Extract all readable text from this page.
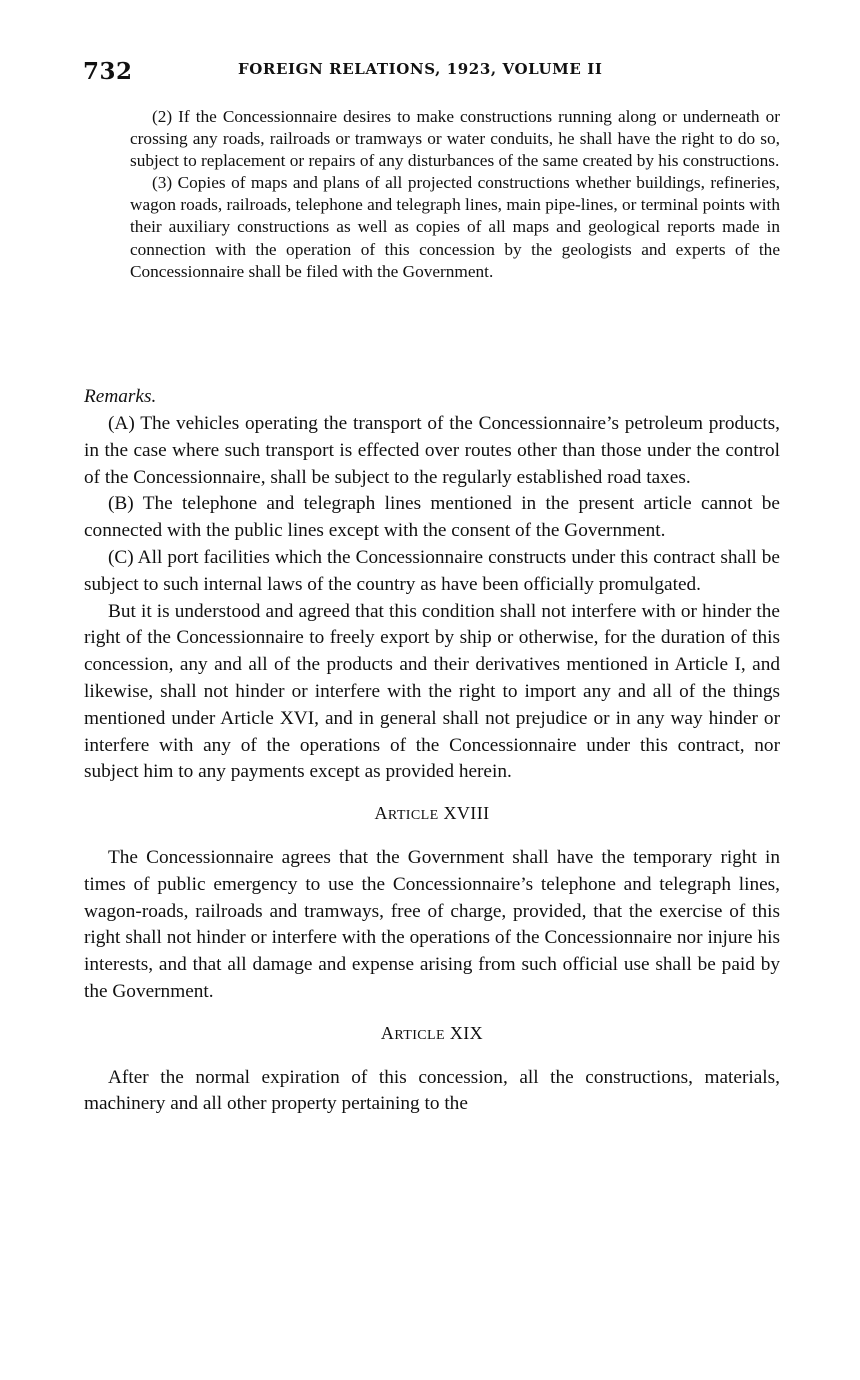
732	FOREIGN RELATIONS, 1923, VOLUME II

(2) If the Concessionnaire desires to make constructions running along or underneath or crossing any roads, railroads or tramways or water conduits, he shall have the right to do so, subject to replacement or repairs of any disturbances of the same created by his constructions.

(3) Copies of maps and plans of all projected constructions whether buildings, refineries, wagon roads, railroads, telephone and telegraph lines, main pipe-lines, or terminal points with their auxiliary constructions as well as copies of all maps and geological reports made in connection with the operation of this concession by the geologists and experts of the Concessionnaire shall be filed with the Government.

Remarks.

(A) The vehicles operating the transport of the Concessionnaire’s petroleum products, in the case where such transport is effected over routes other than those under the control of the Concessionnaire, shall be subject to the regularly established road taxes.

(B) The telephone and telegraph lines mentioned in the present article cannot be connected with the public lines except with the consent of the Government.

(C) All port facilities which the Concessionnaire constructs under this contract shall be subject to such internal laws of the country as have been officially promulgated.

But it is understood and agreed that this condition shall not interfere with or hinder the right of the Concessionnaire to freely export by ship or otherwise, for the duration of this concession, any and all of the products and their derivatives mentioned in Article I, and likewise, shall not hinder or interfere with the right to import any and all of the things mentioned under Article XVI, and in general shall not prejudice or in any way hinder or interfere with any of the operations of the Concessionnaire under this contract, nor subject him to any payments except as provided herein.

ARTICLE XVIII

The Concessionnaire agrees that the Government shall have the temporary right in times of public emergency to use the Concessionnaire’s telephone and telegraph lines, wagon-roads, railroads and tramways, free of charge, provided, that the exercise of this right shall not hinder or interfere with the operations of the Concessionnaire nor injure his interests, and that all damage and expense arising from such official use shall be paid by the Government.

ARTICLE XIX

After the normal expiration of this concession, all the constructions, materials, machinery and all other property pertaining to the
